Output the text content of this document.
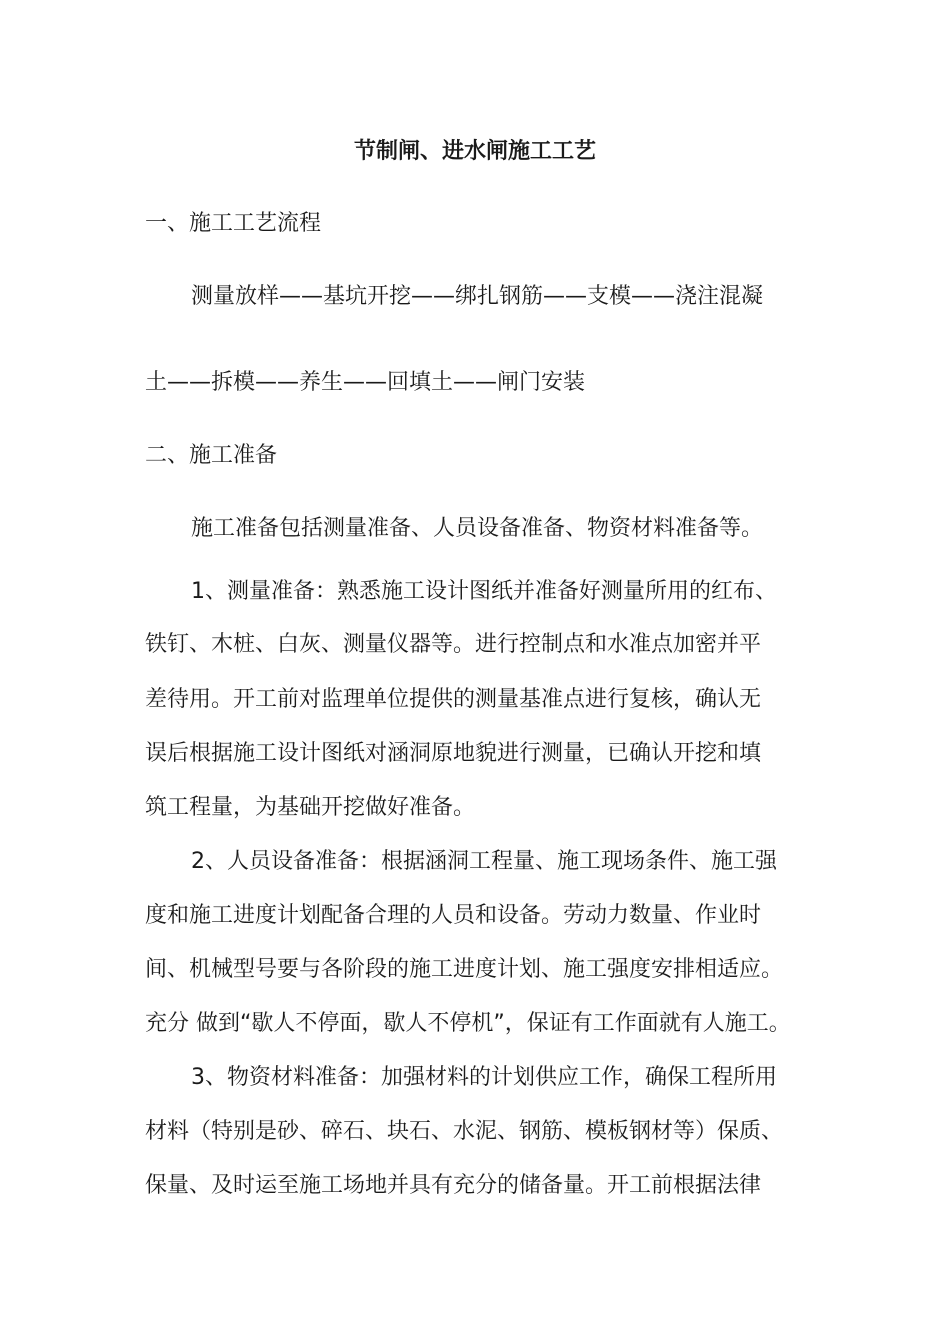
节制闸、进水闸施工工艺
一、施工工艺流程
测量放样——基坑开挖——绑扎钢筋——支模——浇注混凝
土——拆模——养生——回填土——闸门安装
二、施工准备
施工准备包括测量准备、人员设备准备、物资材料准备等。
1、测量准备：熟悉施工设计图纸并准备好测量所用的红布、
铁钉、木桩、白灰、测量仪器等。进行控制点和水准点加密并平
差待用。开工前对监理单位提供的测量基准点进行复核，确认无
误后根据施工设计图纸对涵洞原地貌进行测量，已确认开挖和填
筑工程量，为基础开挖做好准备。
2、人员设备准备：根据涵洞工程量、施工现场条件、施工强
度和施工进度计划配备合理的人员和设备。劳动力数量、作业时
间、机械型号要与各阶段的施工进度计划、施工强度安排相适应。
充分 做到“歇人不停面，歇人不停机”，保证有工作面就有人施工。
3、物资材料准备：加强材料的计划供应工作，确保工程所用
材料（特别是砂、碎石、块石、水泥、钢筋、模板钢材等）保质、
保量、及时运至施工场地并具有充分的储备量。开工前根据法律
